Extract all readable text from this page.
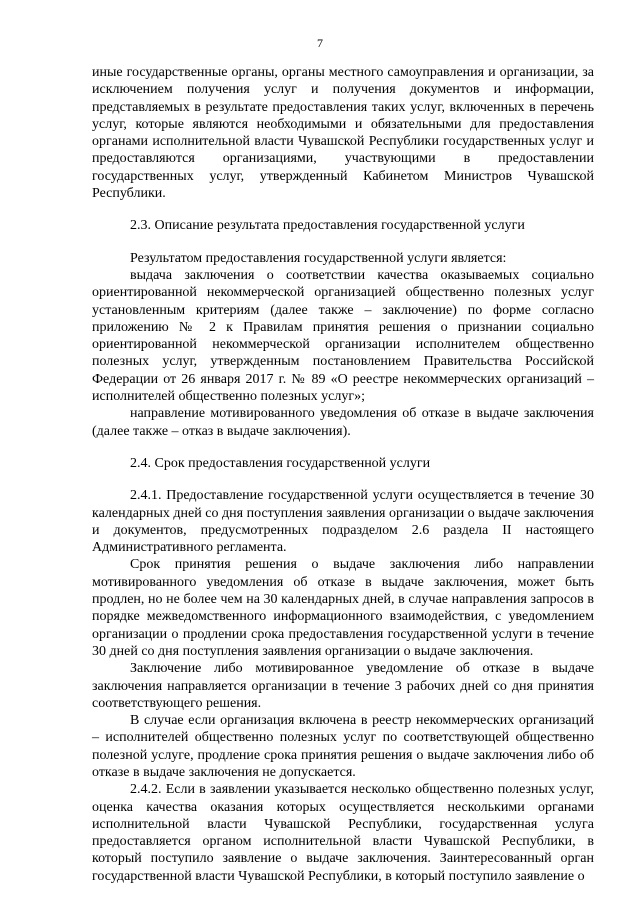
7

иные государственные органы, органы местного самоуправления и организации, за исключением получения услуг и получения документов и информации, представляемых в результате предоставления таких услуг, включенных в перечень услуг, которые являются необходимыми и обязательными для предоставления органами исполнительной власти Чувашской Республики государственных услуг и предоставляются организациями, участвующими в предоставлении государственных услуг, утвержденный Кабинетом Министров Чувашской Республики.

2.3. Описание результата предоставления государственной услуги

Результатом предоставления государственной услуги является:

выдача заключения о соответствии качества оказываемых социально ориентированной некоммерческой организацией общественно полезных услуг установленным критериям (далее также – заключение) по форме согласно приложению № 2 к Правилам принятия решения о признании социально ориентированной некоммерческой организации исполнителем общественно полезных услуг, утвержденным постановлением Правительства Российской Федерации от 26 января 2017 г. № 89 «О реестре некоммерческих организаций – исполнителей общественно полезных услуг»;

направление мотивированного уведомления об отказе в выдаче заключения (далее также – отказ в выдаче заключения).

2.4. Срок предоставления государственной услуги

2.4.1. Предоставление государственной услуги осуществляется в течение 30 календарных дней со дня поступления заявления организации о выдаче заключения и документов, предусмотренных подразделом 2.6 раздела II настоящего Административного регламента.

Срок принятия решения о выдаче заключения либо направлении мотивированного уведомления об отказе в выдаче заключения, может быть продлен, но не более чем на 30 календарных дней, в случае направления запросов в порядке межведомственного информационного взаимодействия, с уведомлением организации о продлении срока предоставления государственной услуги в течение 30 дней со дня поступления заявления организации о выдаче заключения.

Заключение либо мотивированное уведомление об отказе в выдаче заключения направляется организации в течение 3 рабочих дней со дня принятия соответствующего решения.

В случае если организация включена в реестр некоммерческих организаций – исполнителей общественно полезных услуг по соответствующей общественно полезной услуге, продление срока принятия решения о выдаче заключения либо об отказе в выдаче заключения не допускается.

2.4.2. Если в заявлении указывается несколько общественно полезных услуг, оценка качества оказания которых осуществляется несколькими органами исполнительной власти Чувашской Республики, государственная услуга предоставляется органом исполнительной власти Чувашской Республики, в который поступило заявление о выдаче заключения. Заинтересованный орган государственной власти Чувашской Республики, в который поступило заявление о
